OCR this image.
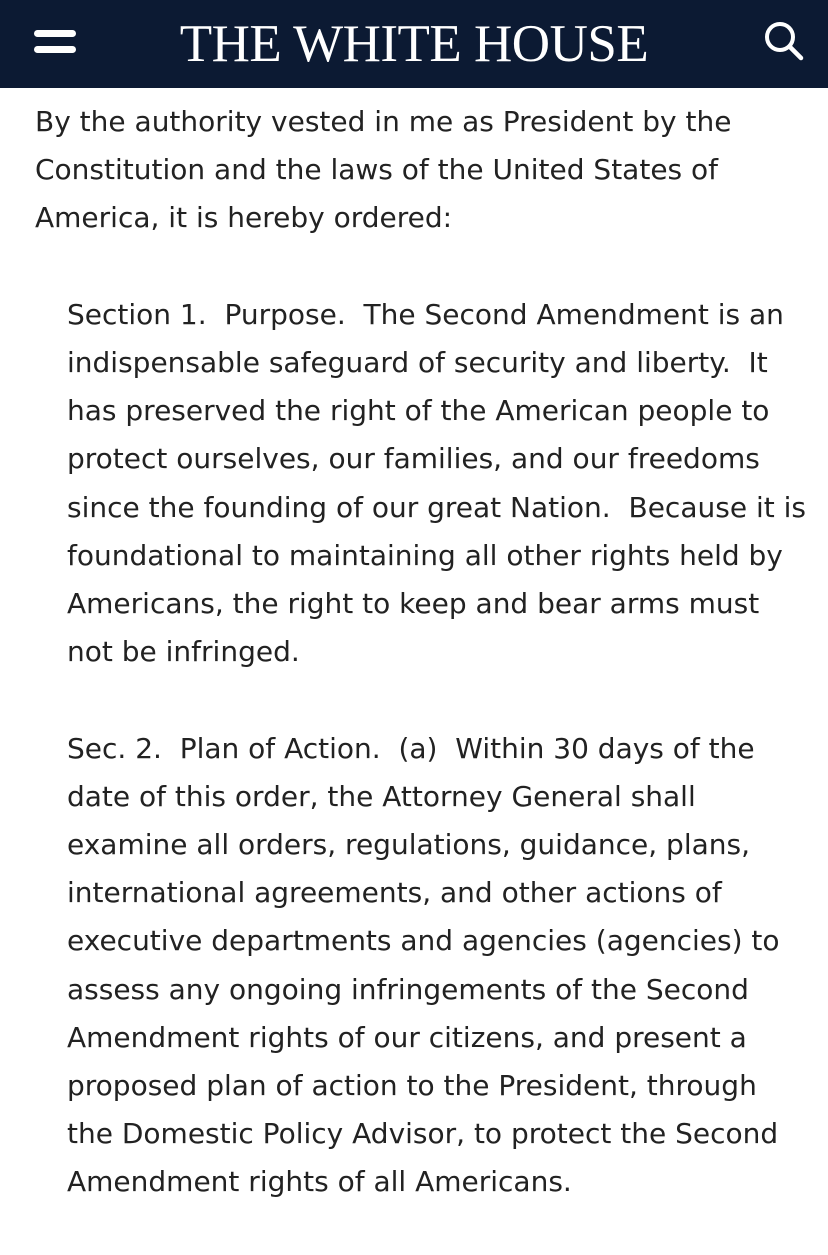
THE WHITE HOUSE

By the authority vested in me as President by the Constitution and the laws of the United States of America, it is hereby ordered:

Section 1.  Purpose.  The Second Amendment is an indispensable safeguard of security and liberty.  It has preserved the right of the American people to protect ourselves, our families, and our freedoms since the founding of our great Nation.  Because it is foundational to maintaining all other rights held by Americans, the right to keep and bear arms must not be infringed.

Sec. 2.  Plan of Action.  (a)  Within 30 days of the date of this order, the Attorney General shall examine all orders, regulations, guidance, plans, international agreements, and other actions of executive departments and agencies (agencies) to assess any ongoing infringements of the Second Amendment rights of our citizens, and present a proposed plan of action to the President, through the Domestic Policy Advisor, to protect the Second Amendment rights of all Americans.
